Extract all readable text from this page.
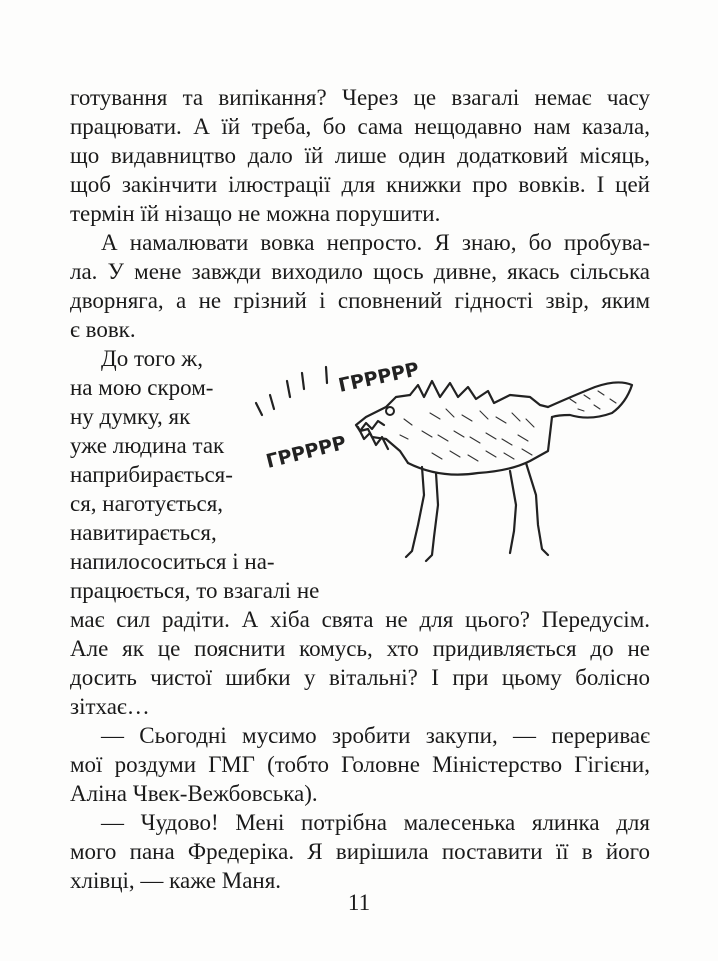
готування та випікання? Через це взагалі немає часу
працювати. А їй треба, бо сама нещодавно нам казала,
що видавництво дало їй лише один додатковий місяць,
щоб закінчити ілюстрації для книжки про вовків. І цей
термін їй нізащо не можна порушити.
А намалювати вовка непросто. Я знаю, бо пробува-
ла. У мене завжди виходило щось дивне, якась сільська
дворняга, а не грізний і сповнений гідності звір, яким
є вовк.
До того ж,
на мою скром-
ну думку, як
уже людина так
наприбирається-
ся, наготується,
навитирається,
напилососиться і на-
працюється, то взагалі не
має сил радіти. А хіба свята не для цього? Передусім.
Але як це пояснити комусь, хто придивляється до не
досить чистої шибки у вітальні? І при цьому болісно
зітхає…
— Сьогодні мусимо зробити закупи, — перериває
мої роздуми ГМГ (тобто Головне Міністерство Гігієни,
Аліна Чвек-Вежбовська).
— Чудово! Мені потрібна малесенька ялинка для
мого пана Фредеріка. Я вирішила поставити її в його
хлівці, — каже Маня.
11
ГРРРРР
ГРРРРР
